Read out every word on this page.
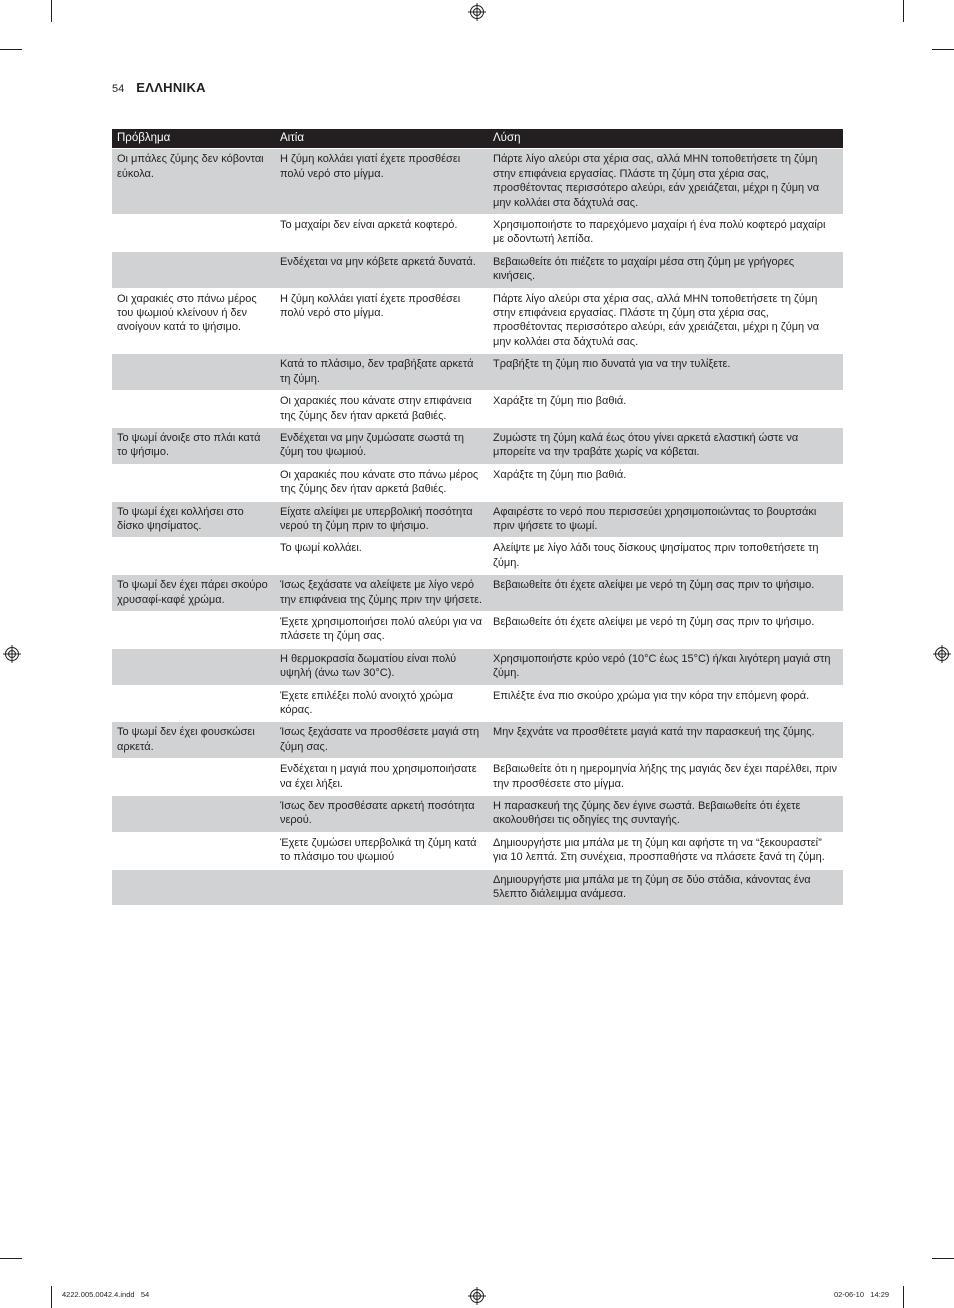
54 ΕΛΛΗΝΙΚΑ
Πρόβλημα	Αιτία	Λύση
Οι μπάλες ζύμης δεν κόβονται εύκολα.	Η ζύμη κολλάει γιατί έχετε προσθέσει πολύ νερό στο μίγμα.	Πάρτε λίγο αλεύρι στα χέρια σας, αλλά ΜΗΝ τοποθετήσετε τη ζύμη στην επιφάνεια εργασίας. Πλάστε τη ζύμη στα χέρια σας, προσθέτοντας περισσότερο αλεύρι, εάν χρειάζεται, μέχρι η ζύμη να μην κολλάει στα δάχτυλά σας.
	Το μαχαίρι δεν είναι αρκετά κοφτερό.	Χρησιμοποιήστε το παρεχόμενο μαχαίρι ή ένα πολύ κοφτερό μαχαίρι με οδοντωτή λεπίδα.
	Ενδέχεται να μην κόβετε αρκετά δυνατά.	Βεβαιωθείτε ότι πιέζετε το μαχαίρι μέσα στη ζύμη με γρήγορες κινήσεις.
Οι χαρακιές στο πάνω μέρος του ψωμιού κλείνουν ή δεν ανοίγουν κατά το ψήσιμο.	Η ζύμη κολλάει γιατί έχετε προσθέσει πολύ νερό στο μίγμα.	Πάρτε λίγο αλεύρι στα χέρια σας, αλλά ΜΗΝ τοποθετήσετε τη ζύμη στην επιφάνεια εργασίας. Πλάστε τη ζύμη στα χέρια σας, προσθέτοντας περισσότερο αλεύρι, εάν χρειάζεται, μέχρι η ζύμη να μην κολλάει στα δάχτυλά σας.
	Κατά το πλάσιμο, δεν τραβήξατε αρκετά τη ζύμη.	Τραβήξτε τη ζύμη πιο δυνατά για να την τυλίξετε.
	Οι χαρακιές που κάνατε στην επιφάνεια της ζύμης δεν ήταν αρκετά βαθιές.	Χαράξτε τη ζύμη πιο βαθιά.
Το ψωμί άνοιξε στο πλάι κατά το ψήσιμο.	Ενδέχεται να μην ζυμώσατε σωστά τη ζύμη του ψωμιού.	Ζυμώστε τη ζύμη καλά έως ότου γίνει αρκετά ελαστική ώστε να μπορείτε να την τραβάτε χωρίς να κόβεται.
	Οι χαρακιές που κάνατε στο πάνω μέρος της ζύμης δεν ήταν αρκετά βαθιές.	Χαράξτε τη ζύμη πιο βαθιά.
Το ψωμί έχει κολλήσει στο δίσκο ψησίματος.	Είχατε αλείψει με υπερβολική ποσότητα νερού τη ζύμη πριν το ψήσιμο.	Αφαιρέστε το νερό που περισσεύει χρησιμοποιώντας το βουρτσάκι πριν ψήσετε το ψωμί.
	Το ψωμί κολλάει.	Αλείψτε με λίγο λάδι τους δίσκους ψησίματος πριν τοποθετήσετε τη ζύμη.
Το ψωμί δεν έχει πάρει σκούρο χρυσαφί-καφέ χρώμα.	Ίσως ξεχάσατε να αλείψετε με λίγο νερό την επιφάνεια της ζύμης πριν την ψήσετε.	Βεβαιωθείτε ότι έχετε αλείψει με νερό τη ζύμη σας πριν το ψήσιμο.
	Έχετε χρησιμοποιήσει πολύ αλεύρι για να πλάσετε τη ζύμη σας.	Βεβαιωθείτε ότι έχετε αλείψει με νερό τη ζύμη σας πριν το ψήσιμο.
	Η θερμοκρασία δωματίου είναι πολύ υψηλή (άνω των 30°C).	Χρησιμοποιήστε κρύο νερό (10°C έως 15°C) ή/και λιγότερη μαγιά στη ζύμη.
	Έχετε επιλέξει πολύ ανοιχτό χρώμα κόρας.	Επιλέξτε ένα πιο σκούρο χρώμα για την κόρα την επόμενη φορά.
Το ψωμί δεν έχει φουσκώσει αρκετά.	Ίσως ξεχάσατε να προσθέσετε μαγιά στη ζύμη σας.	Μην ξεχνάτε να προσθέτετε μαγιά κατά την παρασκευή της ζύμης.
	Ενδέχεται η μαγιά που χρησιμοποιήσατε να έχει λήξει.	Βεβαιωθείτε ότι η ημερομηνία λήξης της μαγιάς δεν έχει παρέλθει, πριν την προσθέσετε στο μίγμα.
	Ίσως δεν προσθέσατε αρκετή ποσότητα νερού.	Η παρασκευή της ζύμης δεν έγινε σωστά. Βεβαιωθείτε ότι έχετε ακολουθήσει τις οδηγίες της συνταγής.
	Έχετε ζυμώσει υπερβολικά τη ζύμη κατά το πλάσιμο του ψωμιού	Δημιουργήστε μια μπάλα με τη ζύμη και αφήστε τη να “ξεκουραστεί” για 10 λεπτά. Στη συνέχεια, προσπαθήστε να πλάσετε ξανά τη ζύμη.
		Δημιουργήστε μια μπάλα με τη ζύμη σε δύο στάδια, κάνοντας ένα 5λεπτο διάλειμμα ανάμεσα.
4222.005.0042.4.indd   54	02-06-10   14:29
